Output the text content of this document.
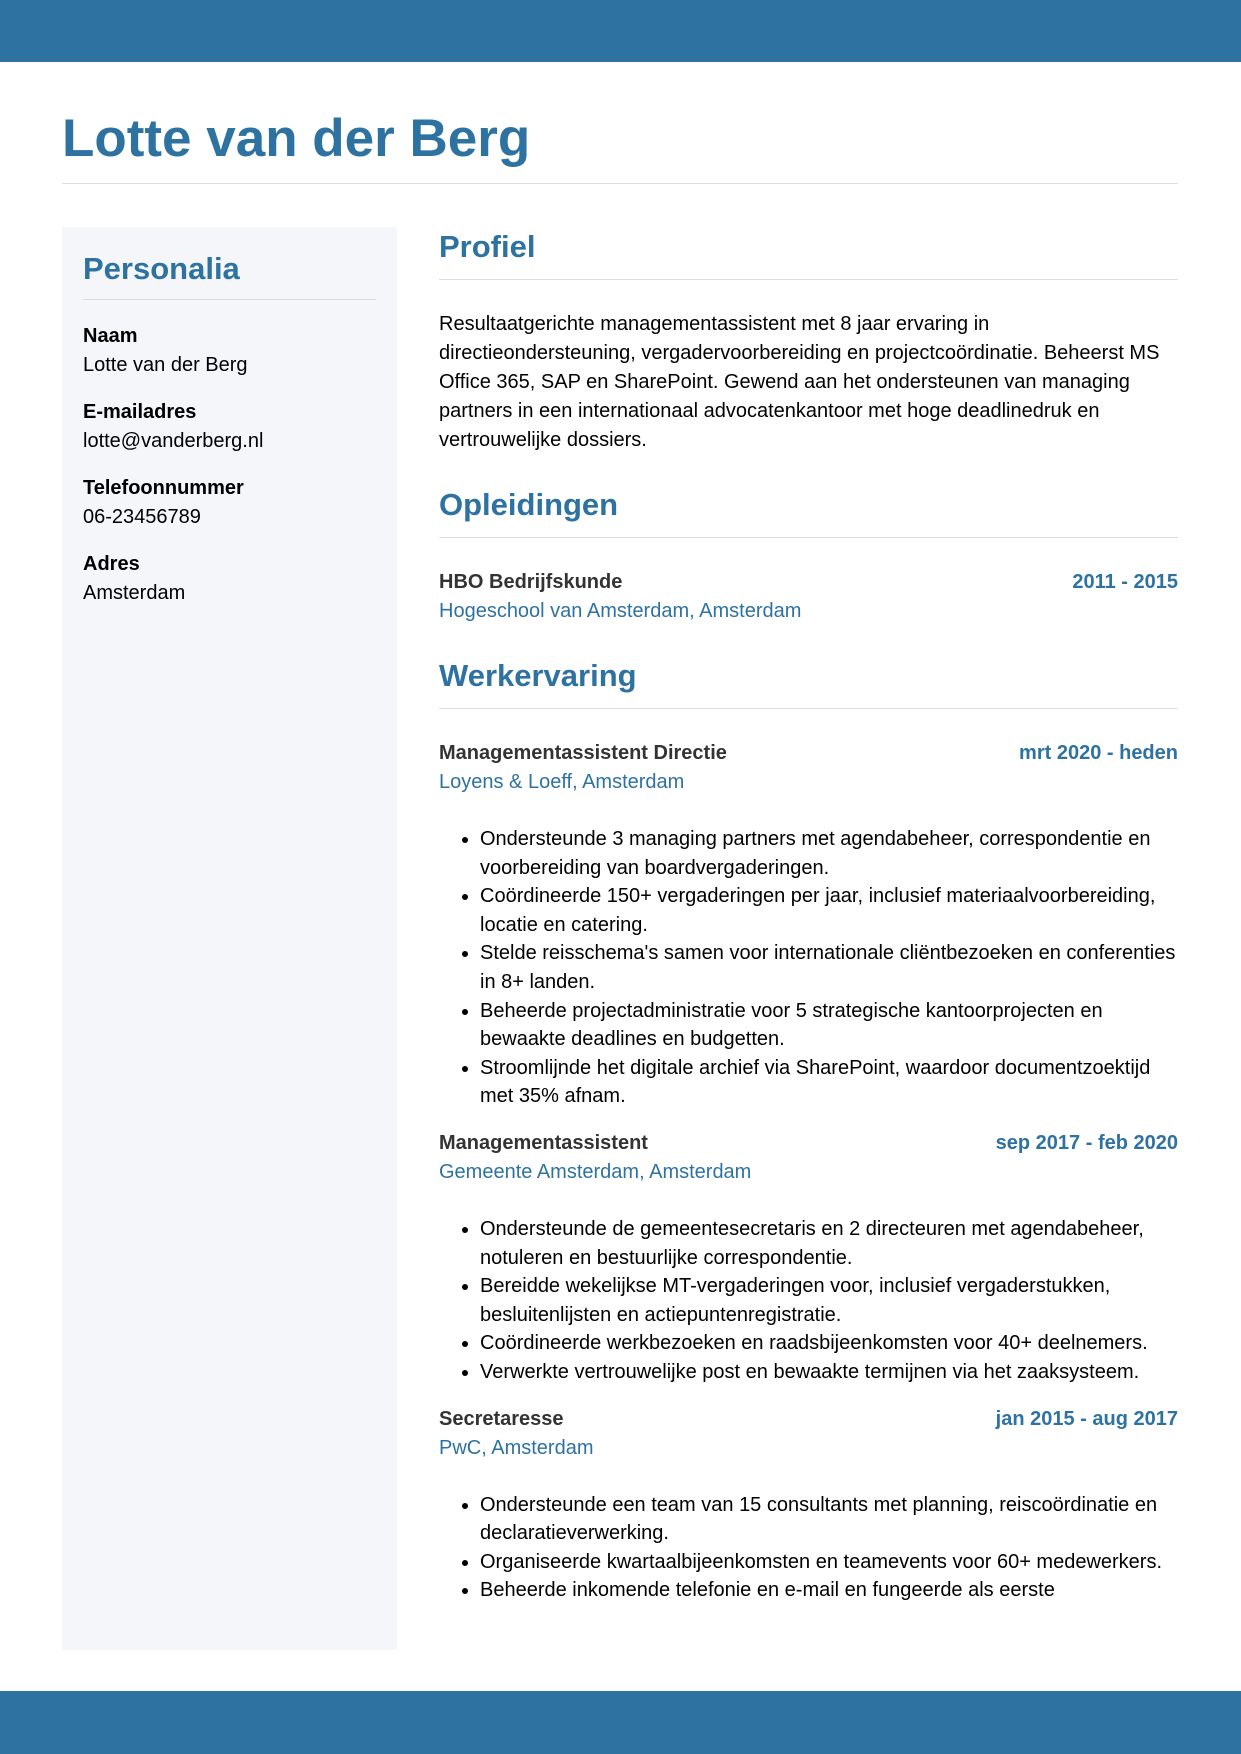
Lotte van der Berg
Personalia
Naam
Lotte van der Berg
E-mailadres
lotte@vanderberg.nl
Telefoonnummer
06-23456789
Adres
Amsterdam
Profiel

Resultaatgerichte managementassistent met 8 jaar ervaring in directieondersteuning, vergadervoorbereiding en projectcoördinatie. Beheerst MS Office 365, SAP en SharePoint. Gewend aan het ondersteunen van managing partners in een internationaal advocatenkantoor met hoge deadlinedruk en vertrouwelijke dossiers.

Opleidingen
HBO Bedrijfskunde	2011 - 2015
Hogeschool van Amsterdam, Amsterdam
Werkervaring
Managementassistent Directie	mrt 2020 - heden
Loyens & Loeff, Amsterdam
• Ondersteunde 3 managing partners met agendabeheer, correspondentie en voorbereiding van boardvergaderingen.
• Coördineerde 150+ vergaderingen per jaar, inclusief materiaalvoorbereiding, locatie en catering.
• Stelde reisschema's samen voor internationale cliëntbezoeken en conferenties in 8+ landen.
• Beheerde projectadministratie voor 5 strategische kantoorprojecten en bewaakte deadlines en budgetten.
• Stroomlijnde het digitale archief via SharePoint, waardoor documentzoektijd met 35% afnam.
Managementassistent	sep 2017 - feb 2020
Gemeente Amsterdam, Amsterdam
• Ondersteunde de gemeentesecretaris en 2 directeuren met agendabeheer, notuleren en bestuurlijke correspondentie.
• Bereidde wekelijkse MT-vergaderingen voor, inclusief vergaderstukken, besluitenlijsten en actiepuntenregistratie.
• Coördineerde werkbezoeken en raadsbijeenkomsten voor 40+ deelnemers.
• Verwerkte vertrouwelijke post en bewaakte termijnen via het zaaksysteem.
Secretaresse	jan 2015 - aug 2017
PwC, Amsterdam
• Ondersteunde een team van 15 consultants met planning, reiscoördinatie en declaratieverwerking.
• Organiseerde kwartaalbijeenkomsten en teamevents voor 60+ medewerkers.
• Beheerde inkomende telefonie en e-mail en fungeerde als eerste
